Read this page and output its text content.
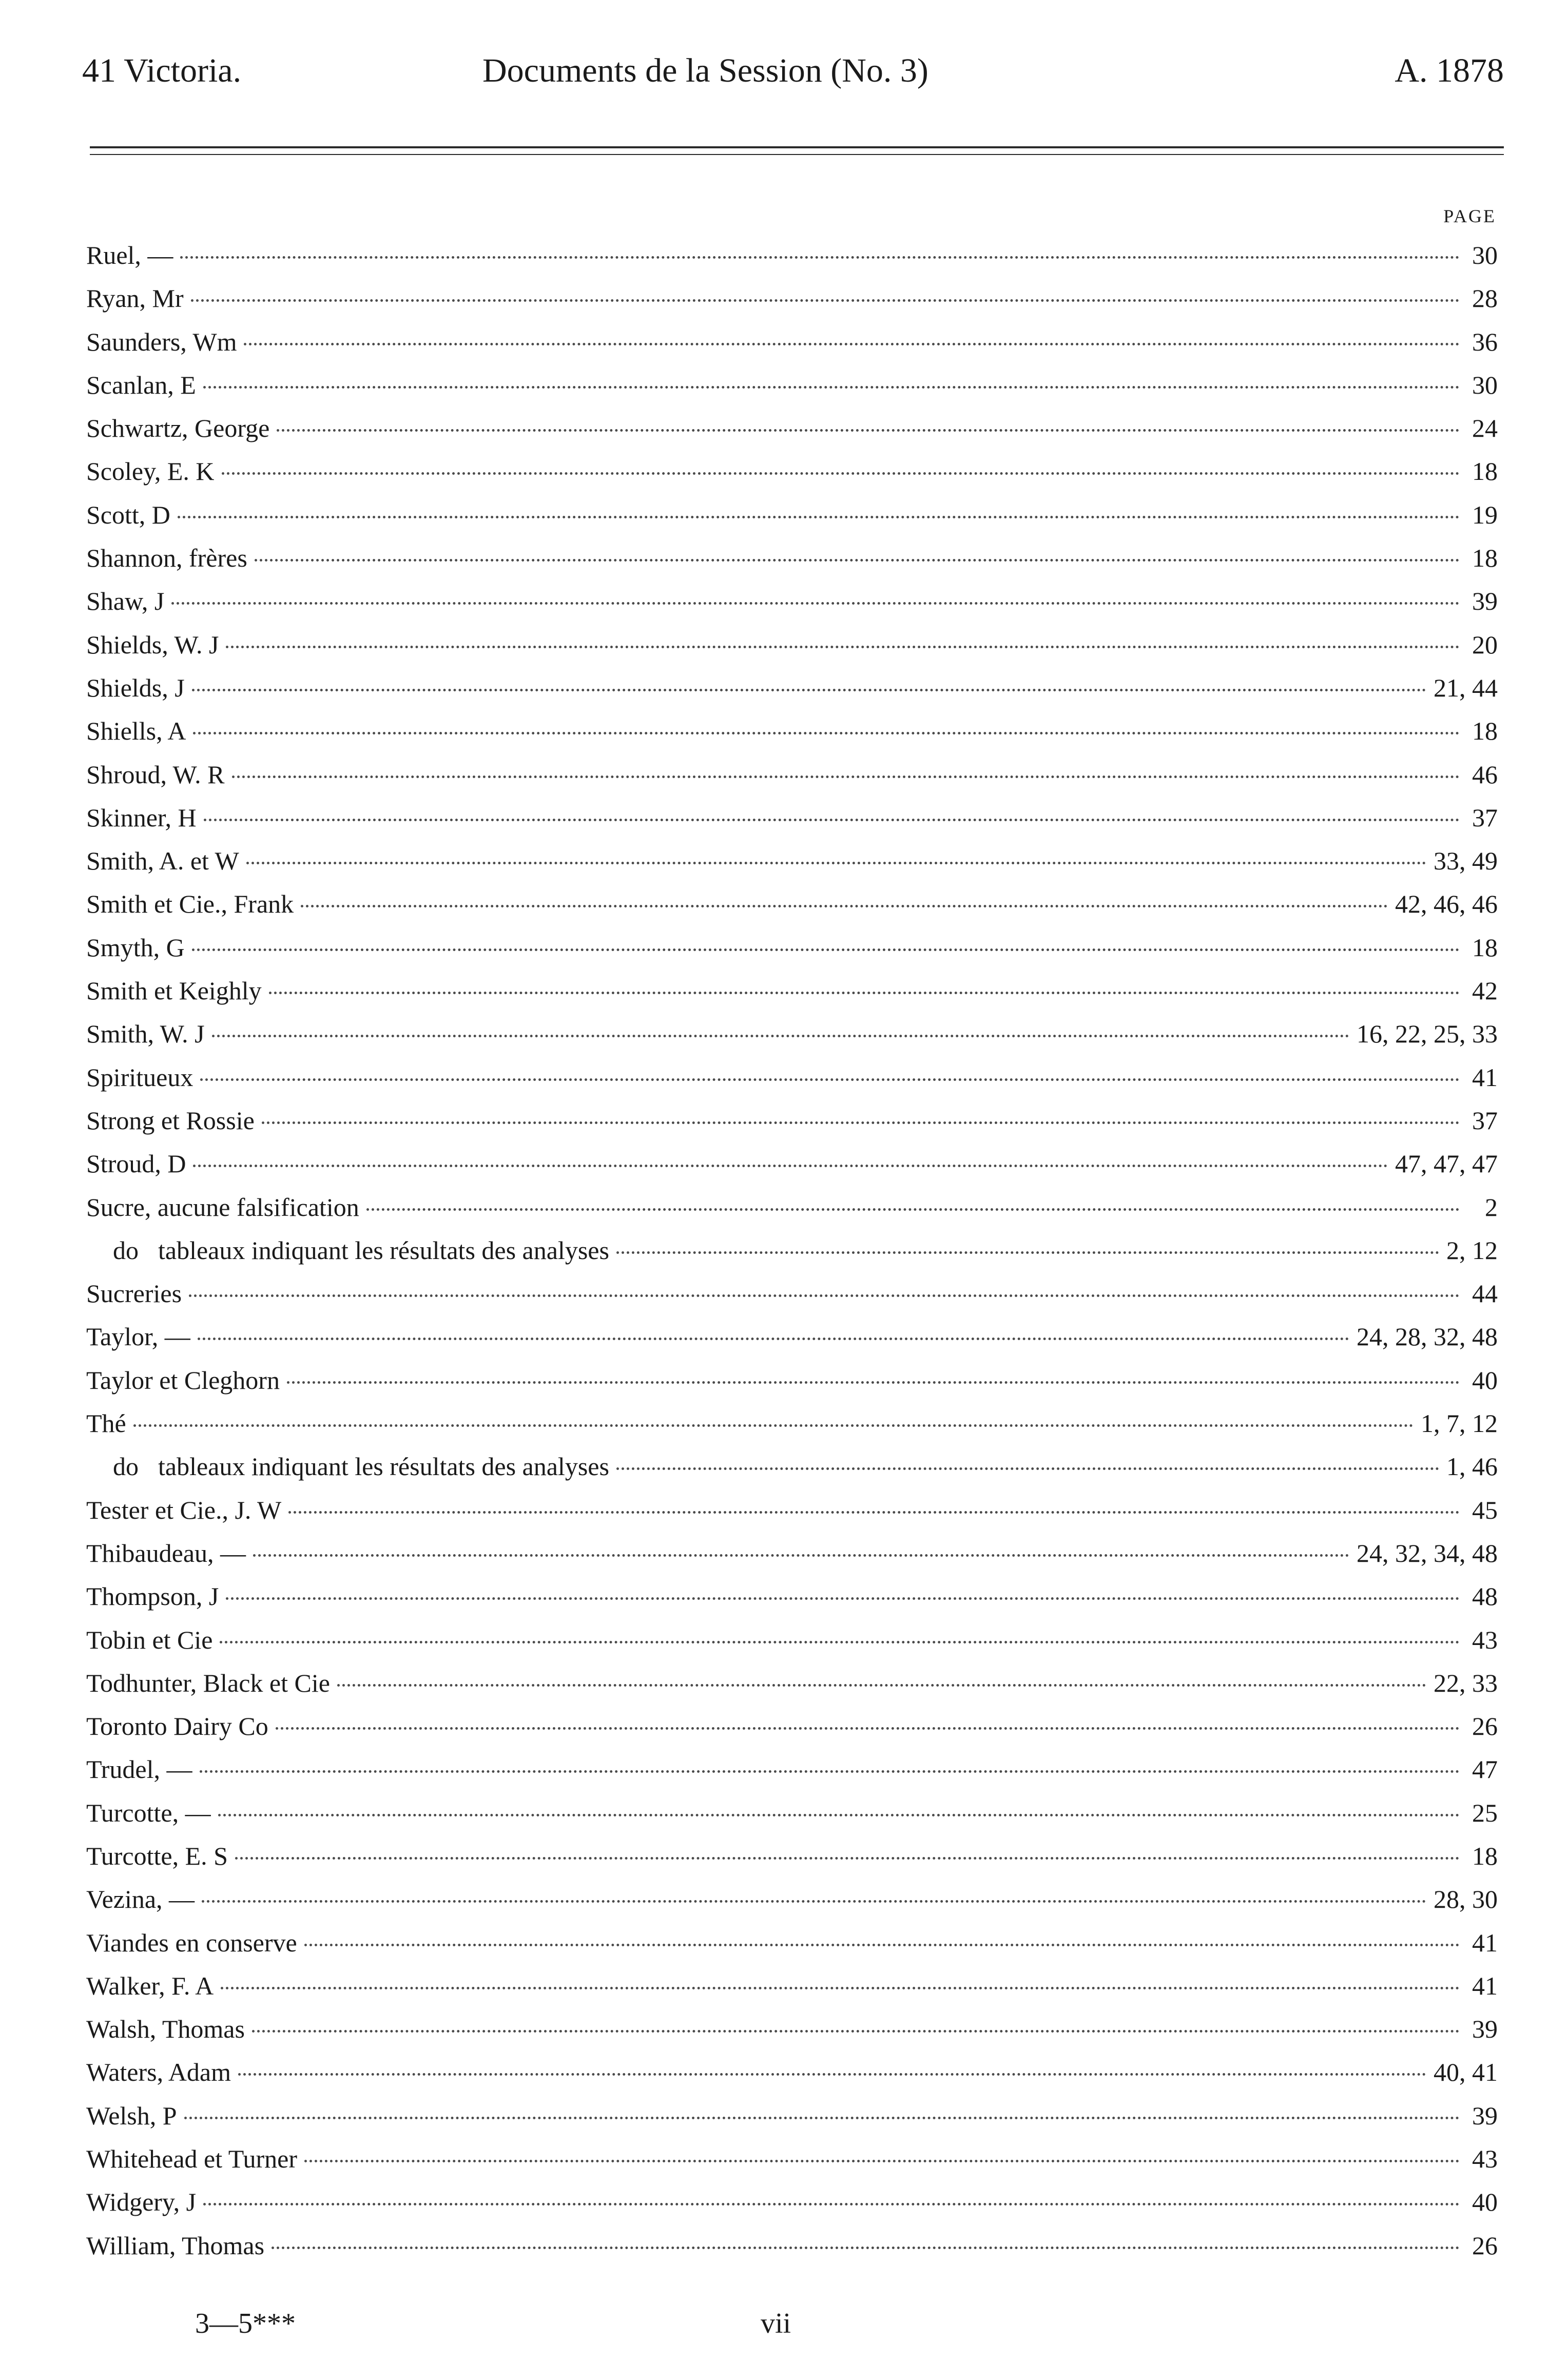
41 Victoria.	Documents de la Session (No. 3)	A. 1878
PAGE
Ruel, —	30
Ryan, Mr	28
Saunders, Wm	36
Scanlan, E	30
Schwartz, George	24
Scoley, E. K	18
Scott, D	19
Shannon, frères	18
Shaw, J	39
Shields, W. J	20
Shields, J	21, 44
Shiells, A	18
Shroud, W. R	46
Skinner, H	37
Smith, A. et W	33, 49
Smith et Cie., Frank	42, 46, 46
Smyth, G	18
Smith et Keighly	42
Smith, W. J	16, 22, 25, 33
Spiritueux	41
Strong et Rossie	37
Stroud, D	47, 47, 47
Sucre, aucune falsification	2
do tableaux indiquant les résultats des analyses	2, 12
Sucreries	44
Taylor, —	24, 28, 32, 48
Taylor et Cleghorn	40
Thé	1, 7, 12
do tableaux indiquant les résultats des analyses	1, 46
Tester et Cie., J. W	45
Thibaudeau, —	24, 32, 34, 48
Thompson, J	48
Tobin et Cie	43
Todhunter, Black et Cie	22, 33
Toronto Dairy Co	26
Trudel, —	47
Turcotte, —	25
Turcotte, E. S	18
Vezina, —	28, 30
Viandes en conserve	41
Walker, F. A	41
Walsh, Thomas	39
Waters, Adam	40, 41
Welsh, P	39
Whitehead et Turner	43
Widgery, J	40
William, Thomas	26
3—5***	vii
